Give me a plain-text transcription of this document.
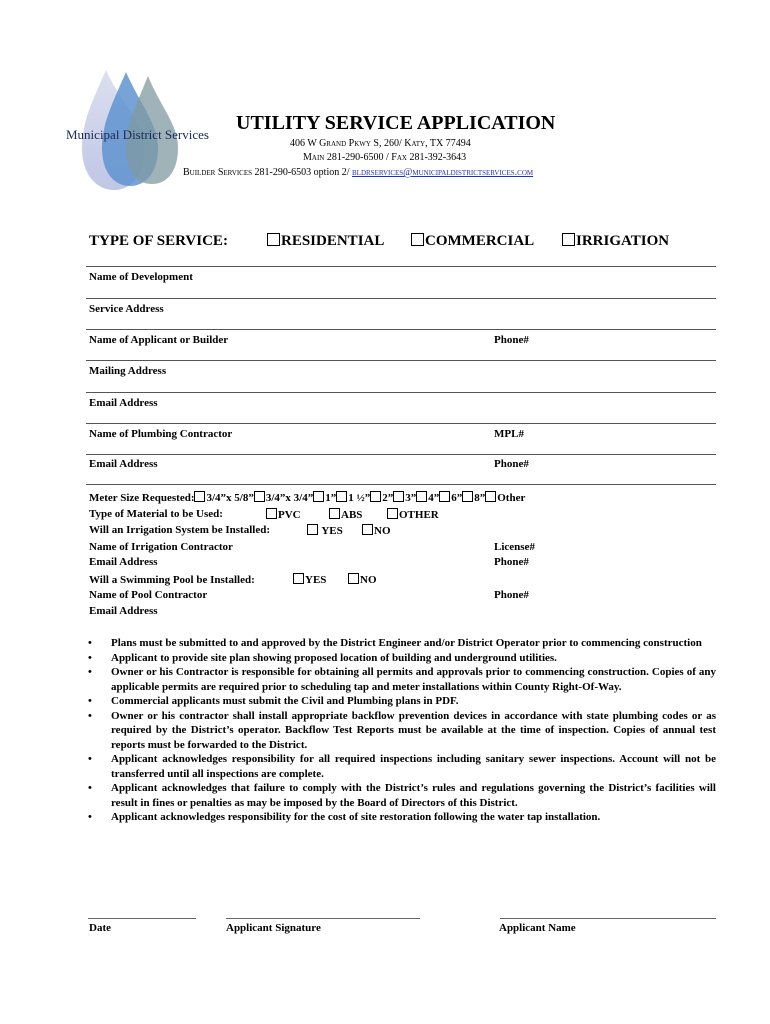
Municipal District Services
UTILITY SERVICE APPLICATION
406 W Grand Pkwy S, 260/ Katy, TX 77494
Main 281-290-6500 / Fax 281-392-3643
Builder Services 281-290-6503 option 2/ bldrservices@municipaldistrictservices.com
TYPE OF SERVICE:	RESIDENTIAL	COMMERCIAL	IRRIGATION
Name of Development
Service Address
Name of Applicant or Builder	Phone#
Mailing Address
Email Address
Name of Plumbing Contractor	MPL#
Email Address	Phone#
Meter Size Requested: 3/4”x 5/8” 3/4”x 3/4” 1” 1 ½” 2” 3” 4” 6” 8” Other
Type of Material to be Used:	PVC	ABS	OTHER
Will an Irrigation System be Installed:	YES	NO
Name of Irrigation Contractor	License#
Email Address	Phone#
Will a Swimming Pool be Installed:	YES	NO
Name of Pool Contractor	Phone#
Email Address
• Plans must be submitted to and approved by the District Engineer and/or District Operator prior to commencing construction
• Applicant to provide site plan showing proposed location of building and underground utilities.
• Owner or his Contractor is responsible for obtaining all permits and approvals prior to commencing construction. Copies of any applicable permits are required prior to scheduling tap and meter installations within County Right-Of-Way.
• Commercial applicants must submit the Civil and Plumbing plans in PDF.
• Owner or his contractor shall install appropriate backflow prevention devices in accordance with state plumbing codes or as required by the District’s operator. Backflow Test Reports must be available at the time of inspection. Copies of annual test reports must be forwarded to the District.
• Applicant acknowledges responsibility for all required inspections including sanitary sewer inspections. Account will not be transferred until all inspections are complete.
• Applicant acknowledges that failure to comply with the District’s rules and regulations governing the District’s facilities will result in fines or penalties as may be imposed by the Board of Directors of this District.
• Applicant acknowledges responsibility for the cost of site restoration following the water tap installation.
Date	Applicant Signature	Applicant Name
